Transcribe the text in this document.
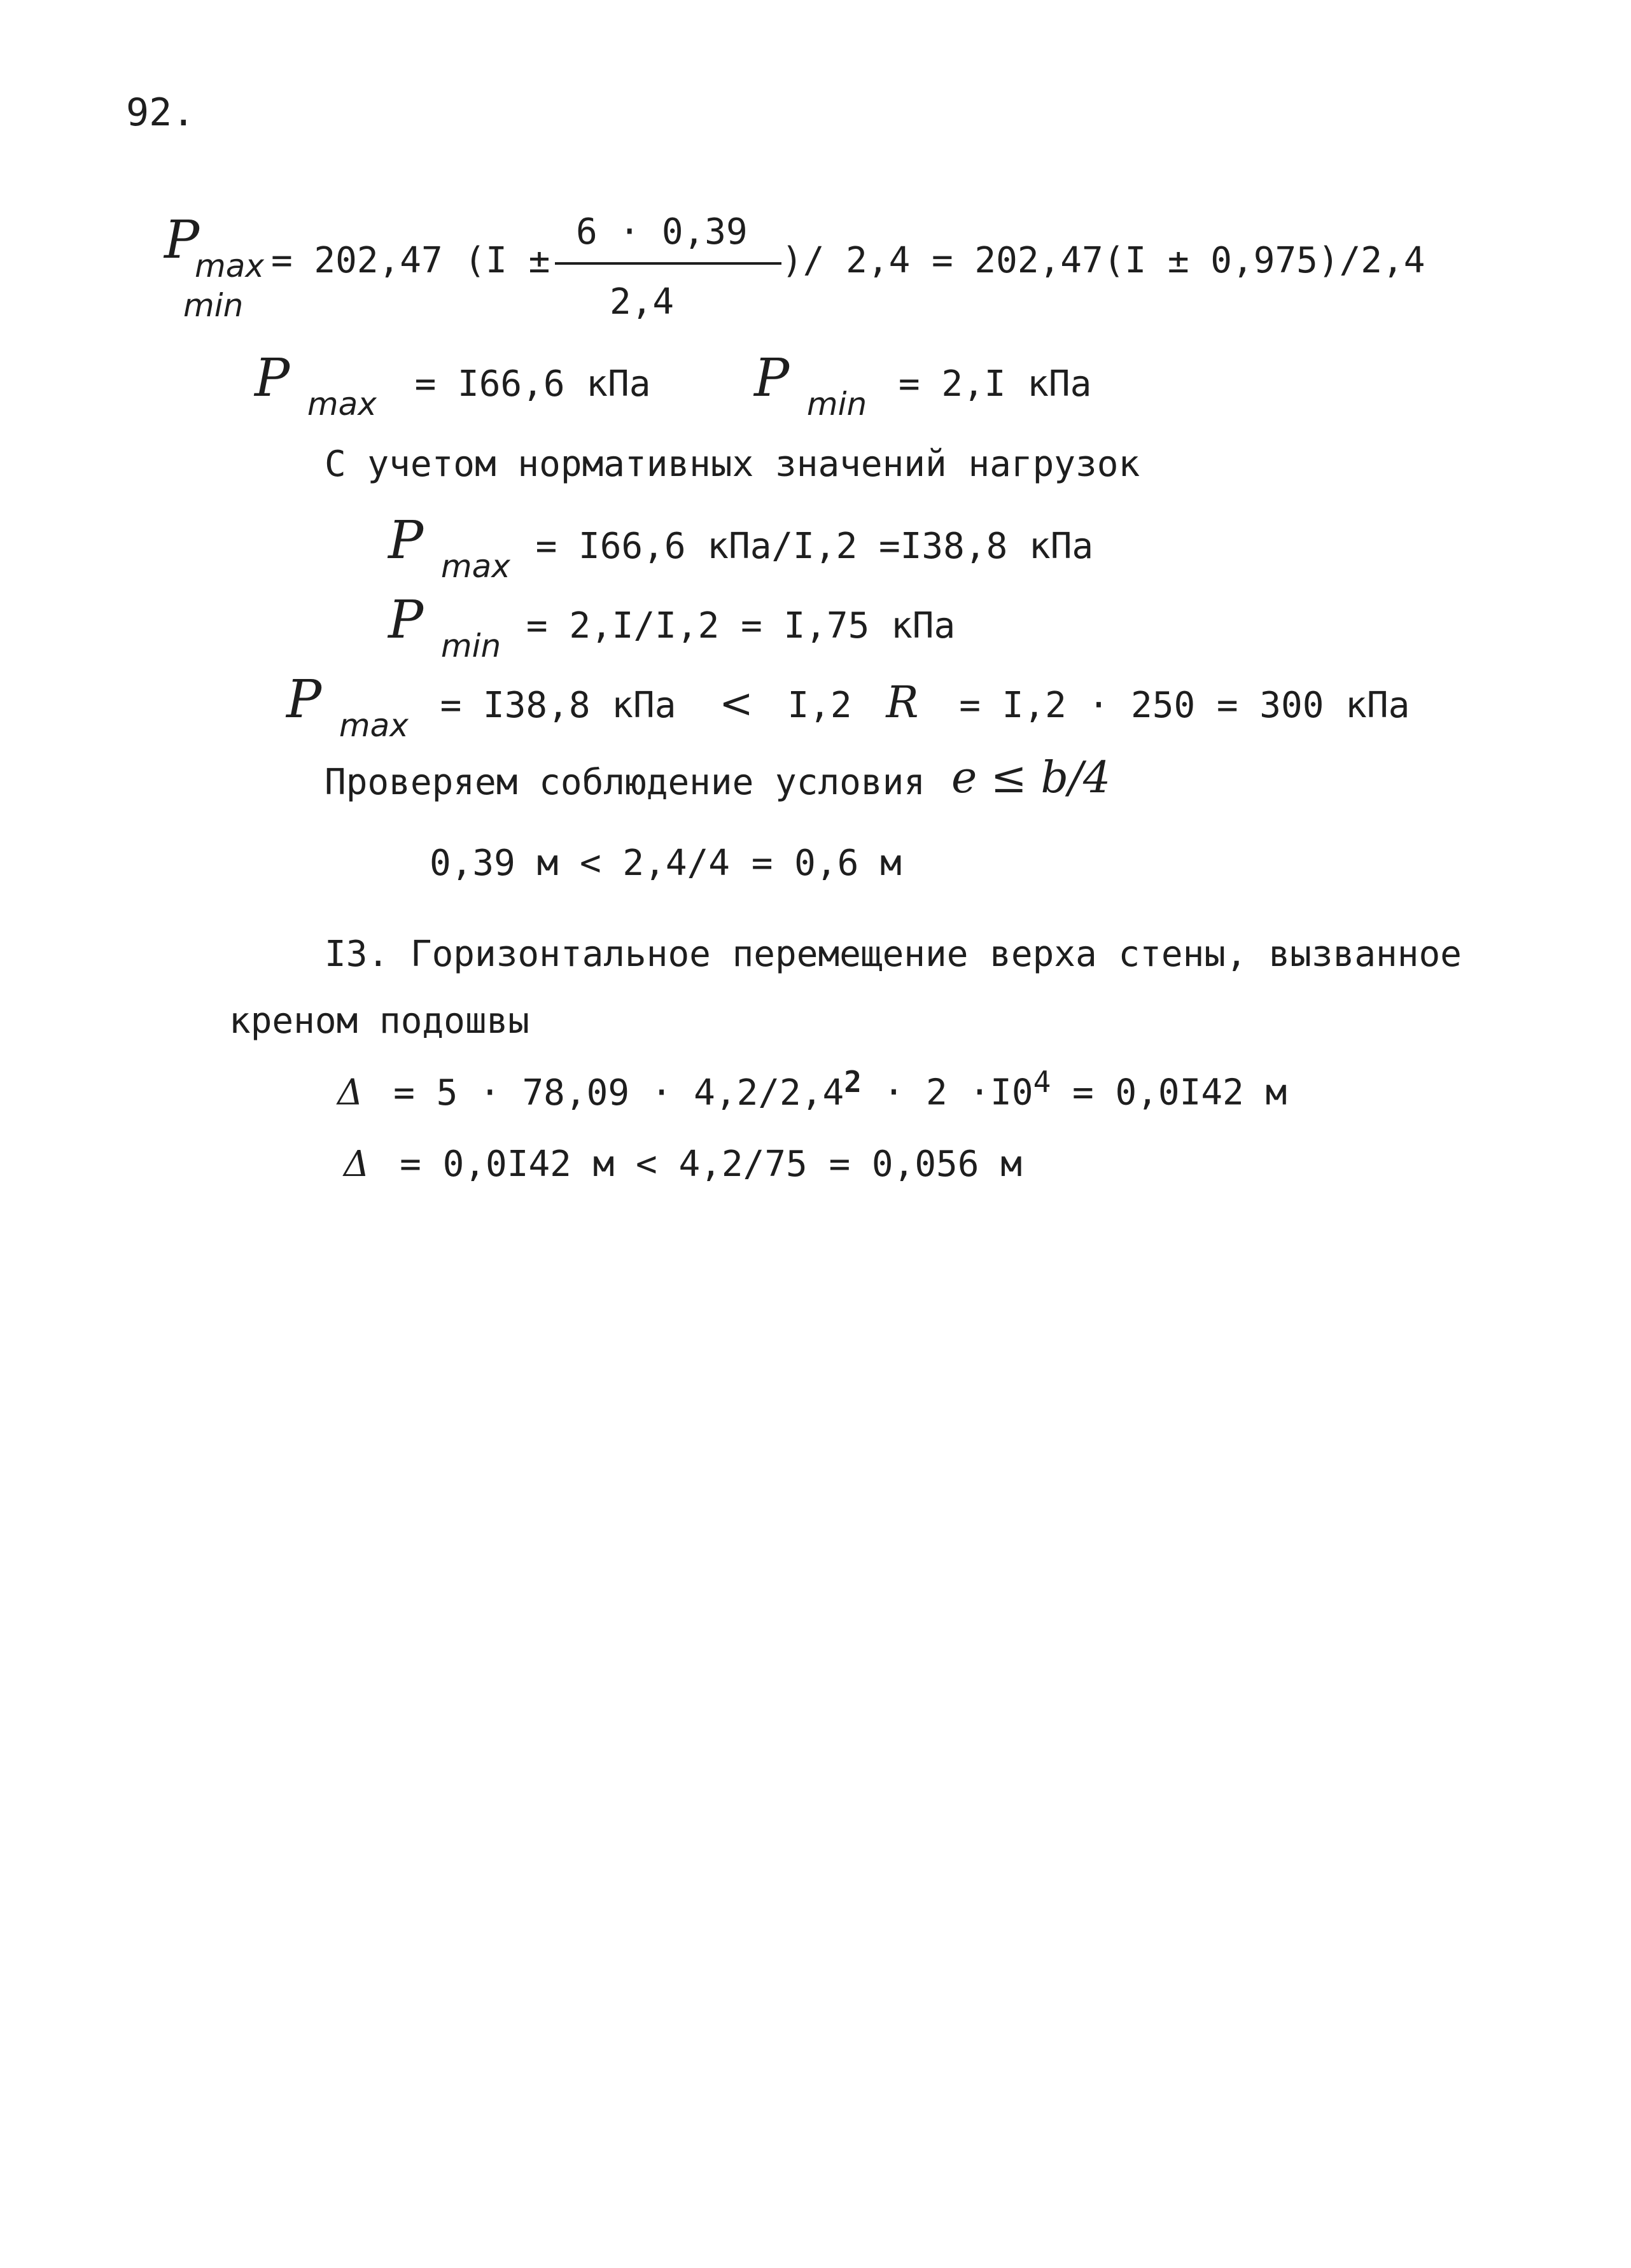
92.
P
max
min
= 202,47 (I ±
6 · 0,39
2,4
)/ 2,4 = 202,47(I ± 0,975)/2,4
P max = I66,6 кПа P min = 2,I кПа
С учетом нормативных значений нагрузок
P max = I66,6 кПа/I,2 =I38,8 кПа
P min = 2,I/I,2 = I,75 кПа
P max = I38,8 кПа < I,2 R = I,2 · 250 = 300 кПа
Проверяем соблюдение условия e ≤ b/4
0,39 м < 2,4/4 = 0,6 м
I3. Горизонтальное перемещение верха стены, вызванное
креном подошвы
$\Delta = 5 \cdot 78,09 \cdot 4,2/2,4^2 \cdot 2 \cdot I0^4 = 0,0I42$ м
Δ = 0,0I42 м < 4,2/75 = 0,056 м
